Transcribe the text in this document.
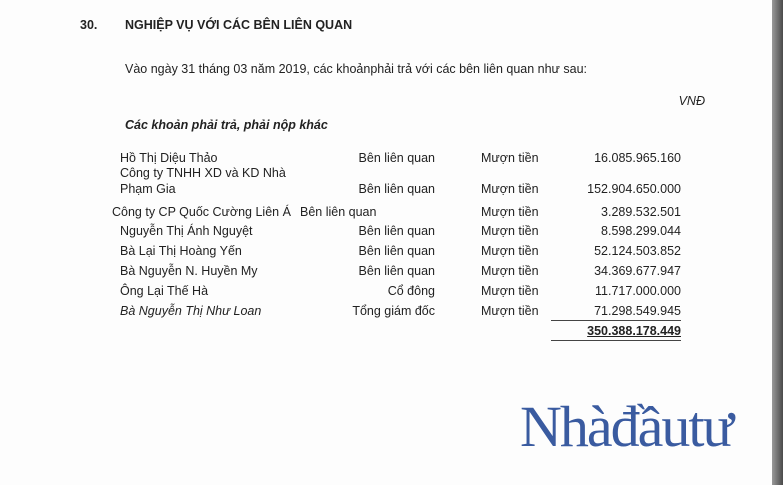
30. NGHIỆP VỤ VỚI CÁC BÊN LIÊN QUAN
Vào ngày 31 tháng 03 năm 2019, các khoảnphải trả với các bên liên quan như sau:
VNĐ
Các khoản phải trả, phải nộp khác
Hồ Thị Diệu Thảo	Bên liên quan	Mượn tiền	16.085.965.160
Công ty TNHH XD và KD Nhà
Phạm Gia	Bên liên quan	Mượn tiền	152.904.650.000
Công ty CP Quốc Cường Liên Á Bên liên quan	Mượn tiền	3.289.532.501
Nguyễn Thị Ánh Nguyệt	Bên liên quan	Mượn tiền	8.598.299.044
Bà Lại Thị Hoàng Yến	Bên liên quan	Mượn tiền	52.124.503.852
Bà Nguyễn N. Huyền My	Bên liên quan	Mượn tiền	34.369.677.947
Ông Lại Thế Hà	Cổ đông	Mượn tiền	11.717.000.000
Bà Nguyễn Thị Như Loan	Tổng giám đốc	Mượn tiền	71.298.549.945
350.388.178.449
Nhàđầutư
